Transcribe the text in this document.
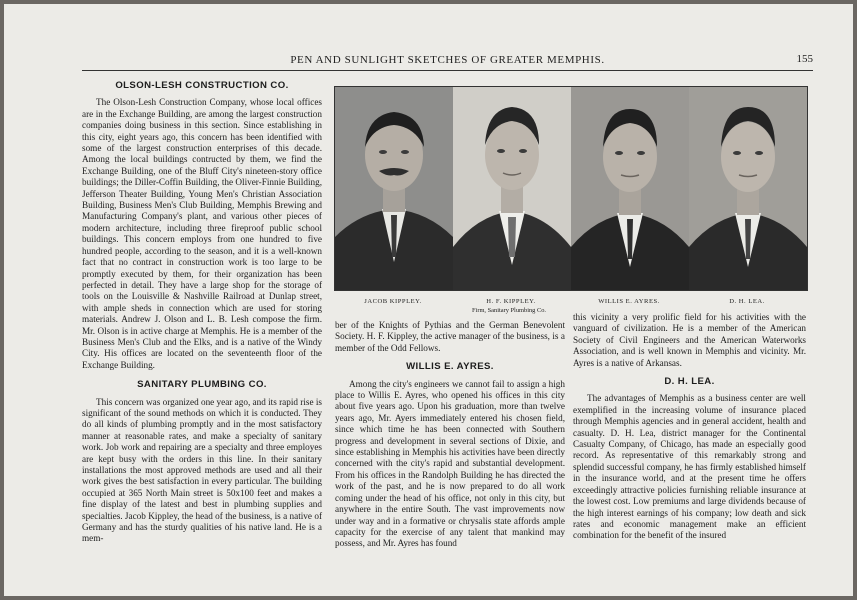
PEN AND SUNLIGHT SKETCHES OF GREATER MEMPHIS.	155
OLSON-LESH CONSTRUCTION CO.

The Olson-Lesh Construction Company, whose local offices are in the Exchange Building, are among the largest construction companies doing business in this section. Since establishing in this city, eight years ago, this concern has been identified with some of the largest construction enterprises of this decade. Among the local buildings contructed by them, we find the Exchange Building, one of the Bluff City's nineteen-story office buildings; the Diller-Coffin Building, the Oliver-Finnie Building, Jefferson Theater Building, Young Men's Christian Association Building, Business Men's Club Building, Memphis Brewing and Manufacturing Company's plant, and various other pieces of modern architecture, including three fireproof public school buildings. This concern employs from one hundred to five hundred people, according to the season, and it is a well-known fact that no contract in construction work is too large to be promptly executed by them, for their organization has been perfected in detail. They have a large shop for the storage of tools on the Louisville & Nashville Railroad at Dunlap street, with ample sheds in connection which are used for storing materials. Andrew J. Olson and L. B. Lesh compose the firm. Mr. Olson is in active charge at Memphis. He is a member of the Business Men's Club and the Elks, and is a native of the Windy City. His offices are located on the seventeenth floor of the Exchange Building.

SANITARY PLUMBING CO.

This concern was organized one year ago, and its rapid rise is significant of the sound methods on which it is conducted. They do all kinds of plumbing promptly and in the most satisfactory manner at reasonable rates, and make a specialty of sanitary work. Job work and repairing are a specialty and three employes are kept busy with the orders in this line. In their sanitary installations the most approved methods are used and all their work gives the best satisfaction in every particular. The building occupied at 365 North Main street is 50x100 feet and makes a fine display of the latest and best in plumbing supplies and specialties. Jacob Kippley, the head of the business, is a native of Germany and has the sturdy qualities of his native land. He is a mem-

JACOB KIPPLEY.	H. F. KIPPLEY.
Firm, Sanitary Plumbing Co.
WILLIS E. AYRES.	D. H. LEA.

ber of the Knights of Pythias and the German Benevolent Society. H. F. Kippley, the active manager of the business, is a member of the Odd Fellows.

WILLIS E. AYRES.

Among the city's engineers we cannot fail to assign a high place to Willis E. Ayres, who opened his offices in this city about five years ago. Upon his graduation, more than twelve years ago, Mr. Ayers immediately entered his chosen field, since which time he has been connected with Southern progress and development in several sections of Dixie, and since establishing in Memphis his activities have been directly concerned with the city's rapid and substantial development. From his offices in the Randolph Building he has directed the work of the past, and he is now prepared to do all work coming under the head of his office, not only in this city, but anywhere in the entire South. The vast improvements now under way and in a formative or chrysalis state affords ample capacity for the exercise of any talent that mankind may possess, and Mr. Ayres has found

this vicinity a very prolific field for his activities with the vanguard of civilization. He is a member of the American Society of Civil Engineers and the American Waterworks Association, and is well known in Memphis and vicinity. Mr. Ayres is a native of Arkansas.

D. H. LEA.

The advantages of Memphis as a business center are well exemplified in the increasing volume of insurance placed through Memphis agencies and in general accident, health and casualty. D. H. Lea, district manager for the Continental Casualty Company, of Chicago, has made an especially good record. As representative of this remarkably strong and splendid successful company, he has firmly established himself in the insurance world, and at the present time he offers exceedingly attractive policies furnishing reliable insurance at the lowest cost. Low premiums and large dividends because of the high interest earnings of his company; low death and sick rates and economic management make an efficient combination for the benefit of the insured
